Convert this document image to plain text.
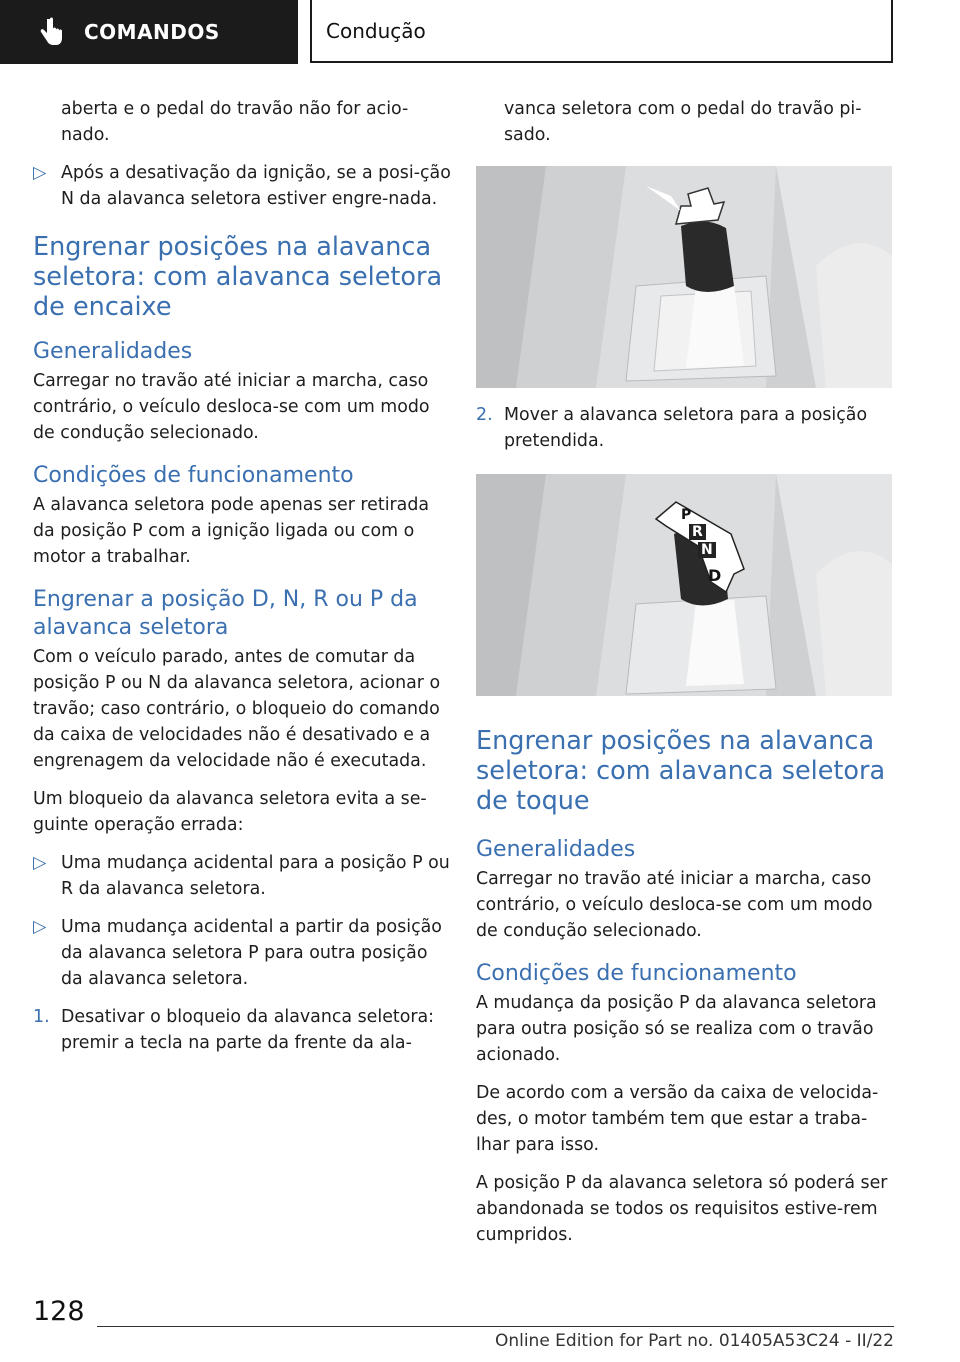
COMANDOS	Condução

aberta e o pedal do travão não for acio-nado.

▷ Após a desativação da ignição, se a posi-ção N da alavanca seletora estiver engre-nada.
Engrenar posições na alavanca seletora: com alavanca seletora de encaixe
Generalidades

Carregar no travão até iniciar a marcha, caso contrário, o veículo desloca-se com um modo de condução selecionado.

Condições de funcionamento

A alavanca seletora pode apenas ser retirada da posição P com a ignição ligada ou com o motor a trabalhar.

Engrenar a posição D, N, R ou P da alavanca seletora

Com o veículo parado, antes de comutar da posição P ou N da alavanca seletora, acionar o travão; caso contrário, o bloqueio do comando da caixa de velocidades não é desativado e a engrenagem da velocidade não é executada.

Um bloqueio da alavanca seletora evita a se-guinte operação errada:

▷ Uma mudança acidental para a posição P ou R da alavanca seletora.
▷ Uma mudança acidental a partir da posição da alavanca seletora P para outra posição da alavanca seletora.
1. Desativar o bloqueio da alavanca seletora: premir a tecla na parte da frente da ala-

vanca seletora com o pedal do travão pi-sado.

2. Mover a alavanca seletora para a posição pretendida.
P
R
N
D
Engrenar posições na alavanca seletora: com alavanca seletora de toque
Generalidades

Carregar no travão até iniciar a marcha, caso contrário, o veículo desloca-se com um modo de condução selecionado.

Condições de funcionamento

A mudança da posição P da alavanca seletora para outra posição só se realiza com o travão acionado.

De acordo com a versão da caixa de velocida-des, o motor também tem que estar a traba-lhar para isso.

A posição P da alavanca seletora só poderá ser abandonada se todos os requisitos estive-rem cumpridos.

128
Online Edition for Part no. 01405A53C24 - II/22
